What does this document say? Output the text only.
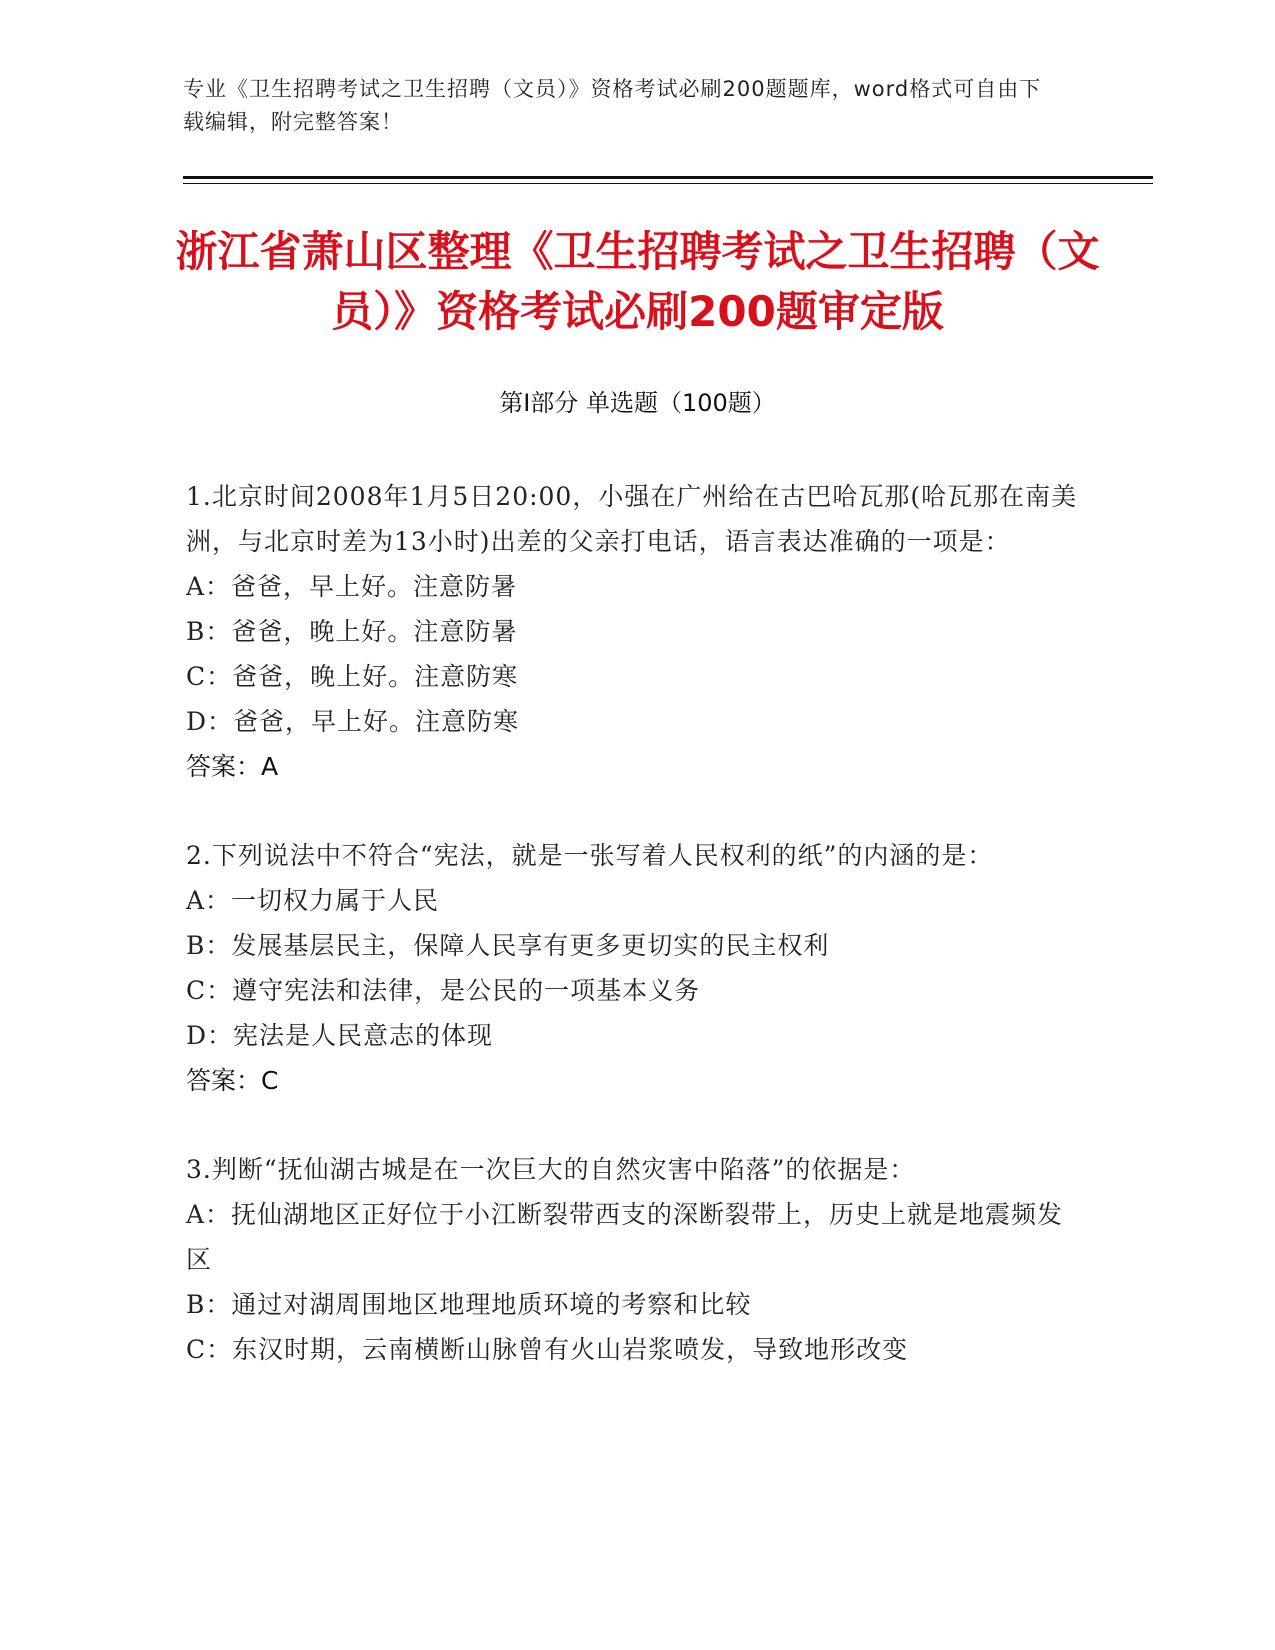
专业《卫生招聘考试之卫生招聘（文员）》资格考试必刷200题题库，word格式可自由下载编辑，附完整答案！
浙江省萧山区整理《卫生招聘考试之卫生招聘（文员）》资格考试必刷200题审定版
第Ⅰ部分 单选题（100题）
1.北京时间2008年1月5日20:00，小强在广州给在古巴哈瓦那(哈瓦那在南美洲，与北京时差为13小时)出差的父亲打电话，语言表达准确的一项是：
A：爸爸，早上好。注意防暑
B：爸爸，晚上好。注意防暑
C：爸爸，晚上好。注意防寒
D：爸爸，早上好。注意防寒
答案：A
2.下列说法中不符合“宪法，就是一张写着人民权利的纸”的内涵的是：
A：一切权力属于人民
B：发展基层民主，保障人民享有更多更切实的民主权利
C：遵守宪法和法律，是公民的一项基本义务
D：宪法是人民意志的体现
答案：C
3.判断“抚仙湖古城是在一次巨大的自然灾害中陷落”的依据是：
A：抚仙湖地区正好位于小江断裂带西支的深断裂带上，历史上就是地震频发区
B：通过对湖周围地区地理地质环境的考察和比较
C：东汉时期，云南横断山脉曾有火山岩浆喷发，导致地形改变
